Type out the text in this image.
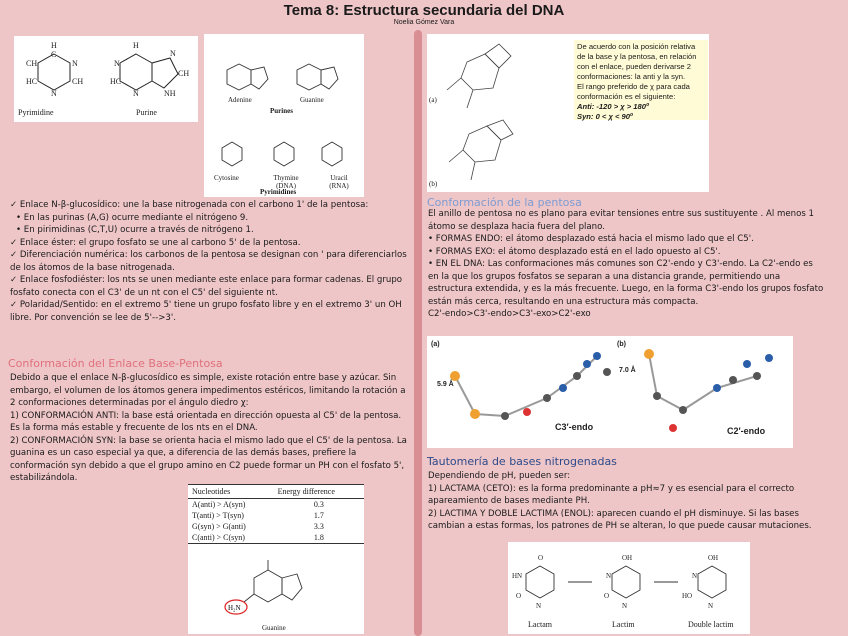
Tema 8: Estructura secundaria del DNA
Noelia Gómez Vara
H
C
N
CH
N
HC
CH
H
N
HC
N
N
CH
NH
Pyrimidine	Purine
Adenine	Guanine
Purines
Cytosine	Thymine (DNA)
Uracil (RNA)
Pyrimidines

✓ Enlace N-β-glucosídico: une la base nitrogenada con el carbono 1' de la pentosa:

• En las purinas (A,G) ocurre mediante el nitrógeno 9.

• En pirimidinas (C,T,U) ocurre a través de nitrógeno 1.

✓ Enlace éster: el grupo fosfato se une al carbono 5' de la pentosa.

✓ Diferenciación numérica: los carbonos de la pentosa se designan con ' para diferenciarlos de los átomos de la base nitrogenada.

✓ Enlace fosfodiéster: los nts se unen mediante este enlace para formar cadenas. El grupo fosfato conecta con el C3' de un nt con el C5' del siguiente nt.

✓ Polaridad/Sentido: en el extremo 5' tiene un grupo fosfato libre y en el extremo 3' un OH libre. Por convención se lee de 5'-->3'.

Conformación del Enlace Base-Pentosa

Debido a que el enlace N-β-glucosídico es simple, existe rotación entre base y azúcar. Sin embargo, el volumen de los átomos genera impedimentos estéricos, limitando la rotación a 2 conformaciones determinadas por el ángulo diedro χ:

1) CONFORMACIÓN ANTI: la base está orientada en dirección opuesta al C5' de la pentosa. Es la forma más estable y frecuente de los nts en el DNA.

2) CONFORMACIÓN SYN: la base se orienta hacia el mismo lado que el C5' de la pentosa. La guanina es un caso especial ya que, a diferencia de las demás bases, prefiere la conformación syn debido a que el grupo amino en C2 puede formar un PH con el fosfato 5', estabilizándola.

Nucleotides	Energy difference
A(anti) > A(syn)	0.3
T(anti) > T(syn)	1.7
G(syn) > G(anti)	3.3
C(anti) > C(syn)	1.8
H₂N
Guanine
(a)
(b)
De acuerdo con la posición relativa de la base y la pentosa, en relación con el enlace, pueden derivarse 2 conformaciones: la anti y la syn.
El rango preferido de χ para cada conformación es el siguiente:
Anti: -120 > χ > 180º
Syn: 0 < χ < 90º
Conformación de la pentosa

El anillo de pentosa no es plano para evitar tensiones entre sus sustituyente . Al menos 1 átomo se desplaza hacia fuera del plano.

• FORMAS ENDO: el átomo desplazado está hacia el mismo lado que el C5'.

• FORMAS EXO: el átomo desplazado está en el lado opuesto al C5'.

• EN EL DNA: Las conformaciones más comunes son C2'-endo y C3'-endo. La C2'-endo es en la que los grupos fosfatos se separan a una distancia grande, permitiendo una estructura extendida, y es la más frecuente. Luego, en la forma C3'-endo los grupos fosfato están más cerca, resultando en una estructura más compacta.

C2'-endo>C3'-endo>C3'-exo>C2'-exo

C3′-endo	C2′-endo
5.9 Å
7.0 Å
(a)	(b)
Tautomería de bases nitrogenadas

Dependiendo de pH, pueden ser:

1) LACTAMA (CETO): es la forma predominante a pH≈7 y es esencial para el correcto apareamiento de bases mediante PH.

2) LACTIMA Y DOBLE LACTIMA (ENOL): aparecen cuando el pH disminuye. Si las bases cambian a estas formas, los patrones de PH se alteran, lo que puede causar mutaciones.

O
HN
O
N
OH
N
O
N
OH
N
HO
N
Lactam	Lactim	Double lactim
